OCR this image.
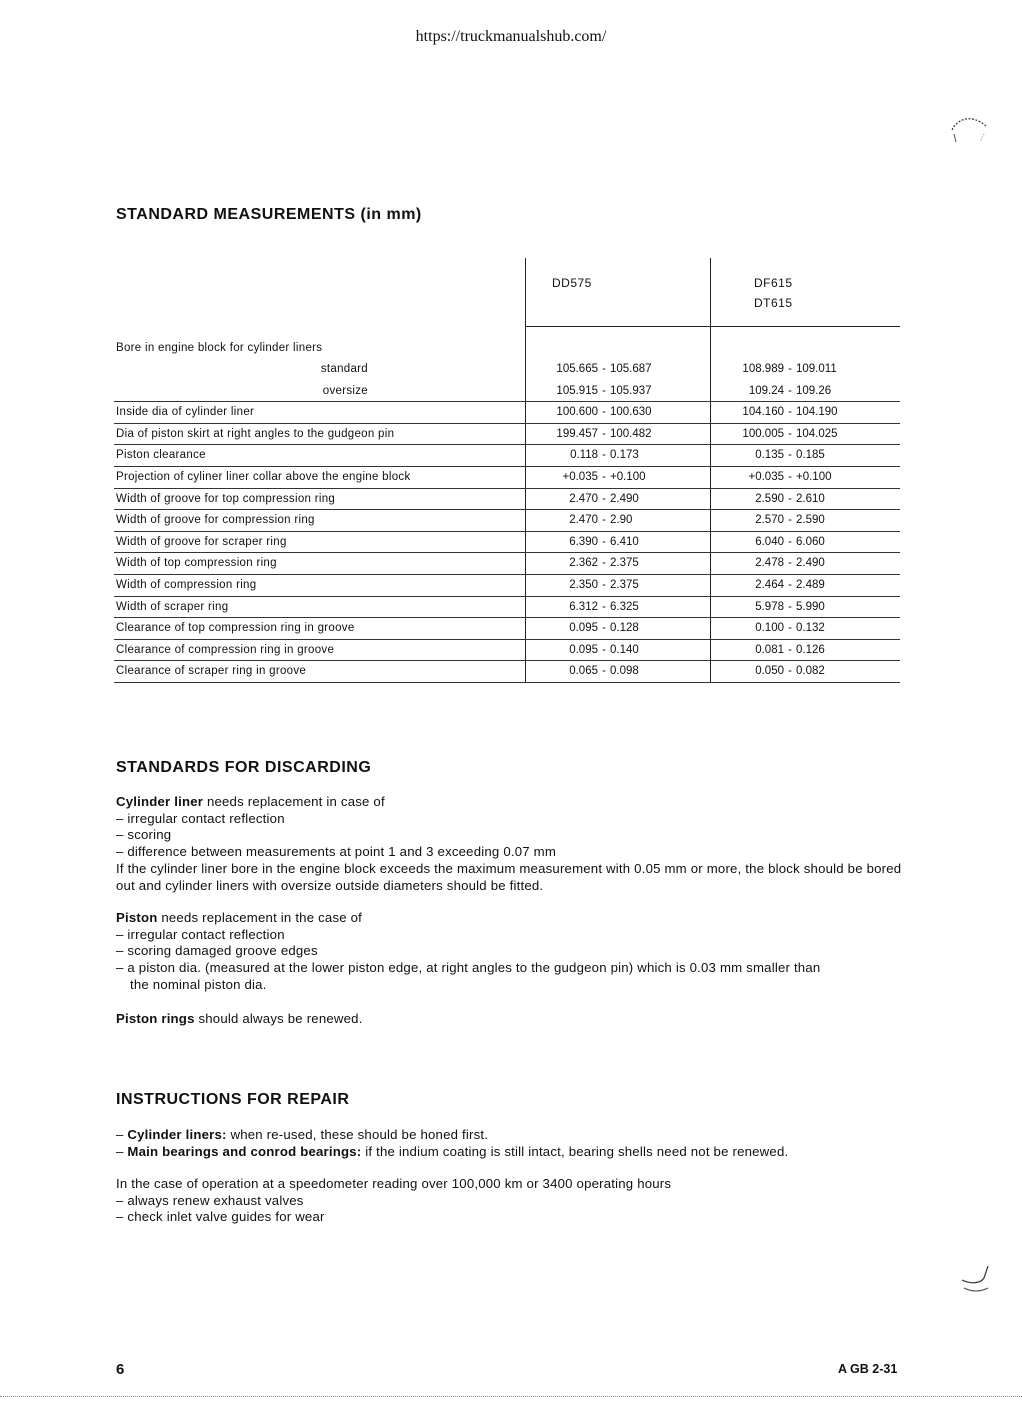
https://truckmanualshub.com/
STANDARD MEASUREMENTS (in mm)
DD575	DF615
DT615
Bore in engine block for cylinder liners
standard	105.665 - 105.687	108.989 - 109.011
oversize	105.915 - 105.937	109.24 - 109.26
Inside dia of cylinder liner	100.600 - 100.630	104.160 - 104.190
Dia of piston skirt at right angles to the gudgeon pin	199.457 - 100.482	100.005 - 104.025
Piston clearance	0.118 - 0.173	0.135 - 0.185
Projection of cyliner liner collar above the engine block	+0.035 - +0.100	+0.035 - +0.100
Width of groove for top compression ring	2.470 - 2.490	2.590 - 2.610
Width of groove for compression ring	2.470 - 2.90	2.570 - 2.590
Width of groove for scraper ring	6.390 - 6.410	6.040 - 6.060
Width of top compression ring	2.362 - 2.375	2.478 - 2.490
Width of compression ring	2.350 - 2.375	2.464 - 2.489
Width of scraper ring	6.312 - 6.325	5.978 - 5.990
Clearance of top compression ring in groove	0.095 - 0.128	0.100 - 0.132
Clearance of compression ring in groove	0.095 - 0.140	0.081 - 0.126
Clearance of scraper ring in groove	0.065 - 0.098	0.050 - 0.082
STANDARDS FOR DISCARDING

Cylinder liner needs replacement in case of

– irregular contact reflection

– scoring

– difference between measurements at point 1 and 3 exceeding 0.07 mm

If the cylinder liner bore in the engine block exceeds the maximum measurement with 0.05 mm or more, the block should be bored out and cylinder liners with oversize outside diameters should be fitted.

Piston needs replacement in the case of

– irregular contact reflection

– scoring damaged groove edges

– a piston dia. (measured at the lower piston edge, at right angles to the gudgeon pin) which is 0.03 mm smaller than

the nominal piston dia.

Piston rings should always be renewed.

INSTRUCTIONS FOR REPAIR

– Cylinder liners: when re-used, these should be honed first.

– Main bearings and conrod bearings: if the indium coating is still intact, bearing shells need not be renewed.

In the case of operation at a speedometer reading over 100,000 km or 3400 operating hours

– always renew exhaust valves

– check inlet valve guides for wear

6	A GB 2-31
